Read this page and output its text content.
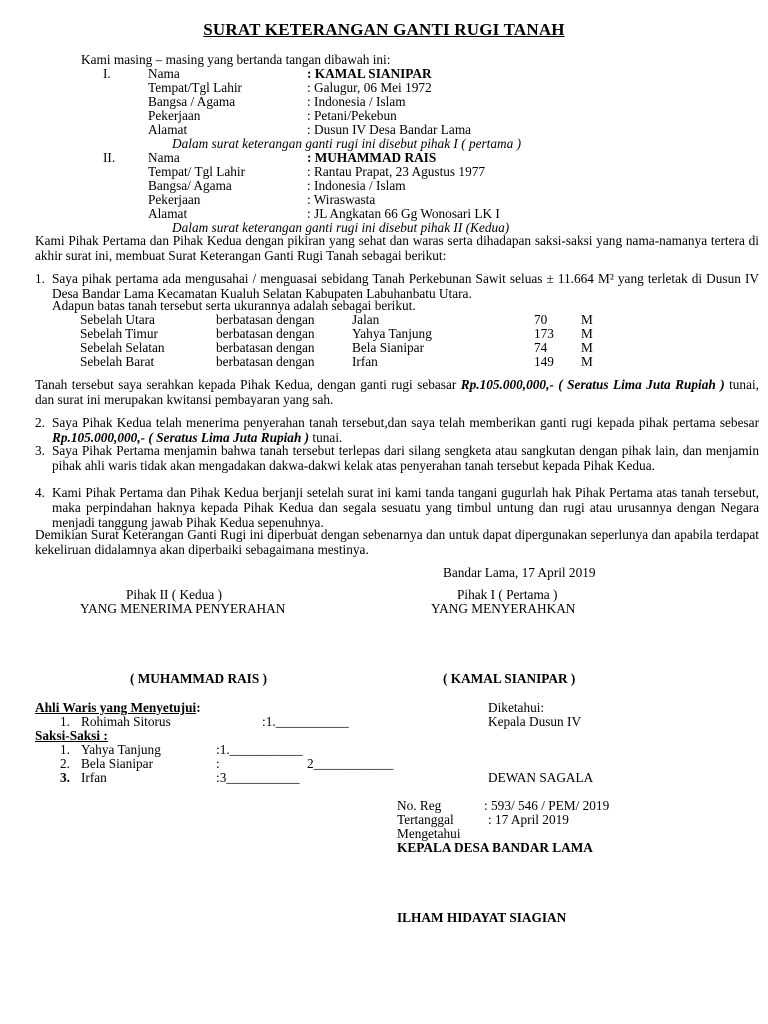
SURAT KETERANGAN GANTI RUGI TANAH
Kami masing – masing yang bertanda tangan dibawah ini:
I.	Nama	: KAMAL SIANIPAR
Tempat/Tgl Lahir	: Galugur, 06 Mei 1972
Bangsa / Agama	: Indonesia / Islam
Pekerjaan	: Petani/Pekebun
Alamat	: Dusun IV Desa Bandar Lama
Dalam surat keterangan ganti rugi ini disebut pihak I ( pertama )
II. Nama	: MUHAMMAD RAIS
Tempat/ Tgl Lahir	: Rantau Prapat, 23 Agustus 1977
Bangsa/ Agama	: Indonesia / Islam
Pekerjaan	: Wiraswasta
Alamat	: JL Angkatan 66 Gg Wonosari LK I
Dalam surat keterangan ganti rugi ini disebut pihak II (Kedua)
Kami Pihak Pertama dan Pihak Kedua dengan pikiran yang sehat dan waras serta dihadapan saksi-saksi yang nama-namanya tertera di akhir surat ini, membuat Surat Keterangan Ganti Rugi Tanah sebagai berikut:
1. Saya pihak pertama ada mengusahai / menguasai sebidang Tanah Perkebunan Sawit seluas ± 11.664 M² yang terletak di Dusun IV Desa Bandar Lama Kecamatan Kualuh Selatan Kabupaten Labuhanbatu Utara.
Adapun batas tanah tersebut serta ukurannya adalah sebagai berikut.
Sebelah Utara	berbatasan dengan	Jalan	70	M
Sebelah Timur	berbatasan dengan	Yahya Tanjung	173 M
Sebelah Selatan	berbatasan dengan	Bela Sianipar	74	M
Sebelah Barat	berbatasan dengan	Irfan	149 M
Tanah tersebut saya serahkan kepada Pihak Kedua, dengan ganti rugi sebasar Rp.105.000,000,- ( Seratus Lima Juta Rupiah ) tunai, dan surat ini merupakan kwitansi pembayaran yang sah.
2. Saya Pihak Kedua telah menerima penyerahan tanah tersebut,dan saya telah memberikan ganti rugi kepada pihak pertama sebesar Rp.105.000,000,- ( Seratus Lima Juta Rupiah ) tunai.
3. Saya Pihak Pertama menjamin bahwa tanah tersebut terlepas dari silang sengketa atau sangkutan dengan pihak lain, dan menjamin pihak ahli waris tidak akan mengadakan dakwa-dakwi kelak atas penyerahan tanah tersebut kepada Pihak Kedua.
4. Kami Pihak Pertama dan Pihak Kedua berjanji setelah surat ini kami tanda tangani gugurlah hak Pihak Pertama atas tanah tersebut, maka perpindahan haknya kepada Pihak Kedua dan segala sesuatu yang timbul untung dan rugi atau urusannya dengan Negara menjadi tanggung jawab Pihak Kedua sepenuhnya.
Demikian Surat Keterangan Ganti Rugi ini diperbuat dengan sebenarnya dan untuk dapat dipergunakan seperlunya dan apabila terdapat kekeliruan didalamnya akan diperbaiki sebagaimana mestinya.
Bandar Lama, 17 April 2019
Pihak II ( Kedua )
YANG MENERIMA PENYERAHAN
Pihak I ( Pertama )
YANG MENYERAHKAN
( MUHAMMAD RAIS )	( KAMAL SIANIPAR )
Ahli Waris yang Menyetujui:
1. Rohimah Sitorus	:1.___________
Saksi-Saksi :
1. Yahya Tanjung	:1.___________
2. Bela Sianipar	:	2____________
3. Irfan	:3___________
Diketahui:
Kepala Dusun IV
DEWAN SAGALA
No. Reg	: 593/ 546 / PEM/ 2019
Tertanggal	: 17 April 2019
Mengetahui
KEPALA DESA BANDAR LAMA
ILHAM HIDAYAT SIAGIAN
